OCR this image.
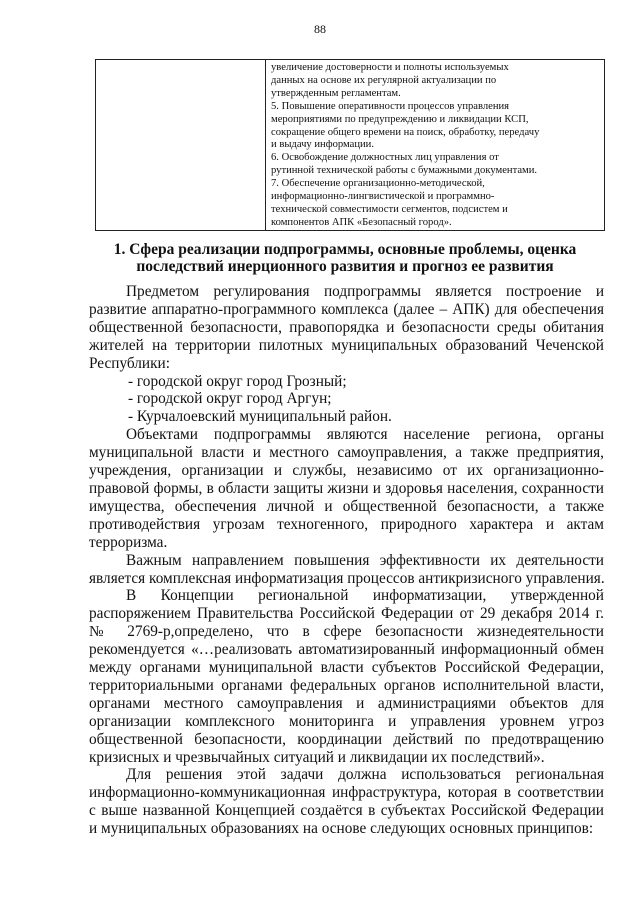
88
увеличение достоверности и полноты используемых
данных на основе их регулярной актуализации по
утвержденным регламентам.
5. Повышение оперативности процессов управления
мероприятиями по предупреждению и ликвидации КСП,
сокращение общего времени на поиск, обработку, передачу
и выдачу информации.
6. Освобождение должностных лиц управления от
рутинной технической работы с бумажными документами.
7. Обеспечение организационно-методической,
информационно-лингвистической и программно-
технической совместимости сегментов, подсистем и
компонентов АПК «Безопасный город».
1. Сфера реализации подпрограммы, основные проблемы, оценка
последствий инерционного развития и прогноз ее развития
Предметом регулирования подпрограммы является построение и
развитие аппаратно-программного комплекса (далее – АПК) для обеспечения
общественной безопасности, правопорядка и безопасности среды обитания
жителей на территории пилотных муниципальных образований Чеченской
Республики:
- городской округ город Грозный;
- городской округ город Аргун;
- Курчалоевский муниципальный район.
Объектами подпрограммы являются население региона, органы
муниципальной власти и местного самоуправления, а также предприятия,
учреждения, организации и службы, независимо от их организационно-
правовой формы, в области защиты жизни и здоровья населения, сохранности
имущества, обеспечения личной и общественной безопасности, а также
противодействия угрозам техногенного, природного характера и актам
терроризма.
Важным направлением повышения эффективности их деятельности
является комплексная информатизация процессов антикризисного управления.
В Концепции региональной информатизации, утвержденной
распоряжением Правительства Российской Федерации от 29 декабря 2014 г.
№ 2769-р,определено, что в сфере безопасности жизнедеятельности
рекомендуется «…реализовать автоматизированный информационный обмен
между органами муниципальной власти субъектов Российской Федерации,
территориальными органами федеральных органов исполнительной власти,
органами местного самоуправления и администрациями объектов для
организации комплексного мониторинга и управления уровнем угроз
общественной безопасности, координации действий по предотвращению
кризисных и чрезвычайных ситуаций и ликвидации их последствий».
Для решения этой задачи должна использоваться региональная
информационно-коммуникационная инфраструктура, которая в соответствии
с выше названной Концепцией создаётся в субъектах Российской Федерации
и муниципальных образованиях на основе следующих основных принципов:
